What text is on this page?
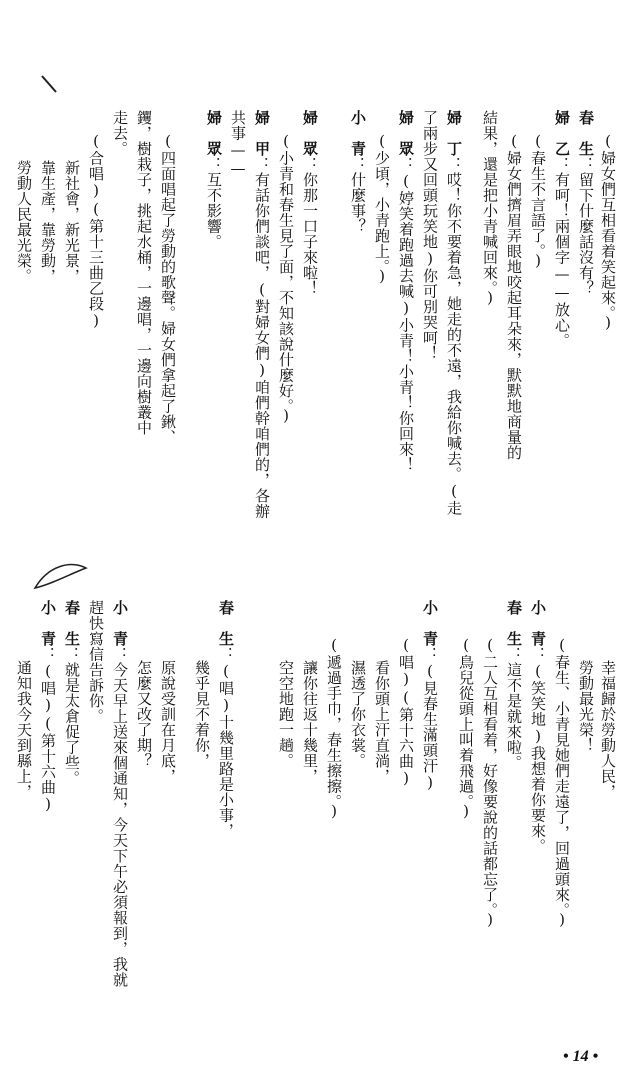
(婦女們互相看着笑起來。)
春　生：留下什麼話沒有？
婦　乙：有呵！兩個字——放心。
(春生不言語了。)
(婦女們擠眉弄眼地咬起耳朵來，默默地商量的
結果，還是把小青喊回來。)
婦　丁：哎！你不要着急，她走的不遠，我給你喊去。(走
了兩步又回頭玩笑地)你可別哭呵！
婦　眾：(婷笑着跑過去喊)小青！小青！你回來！
(少頃，小青跑上。)
小　青：什麼事？
婦　眾：你那一口子來啦！
(小青和春生見了面，不知該說什麼好。)
婦　甲：有話你們談吧，(對婦女們)咱們幹咱們的，各辦
共事——
婦　眾：互不影響。
(四面唱起了勞動的歌聲。婦女們拿起了鍬、
钁，樹栽子，挑起水桶，一邊唱，一邊向樹叢中
走去。
(合唱)(第十三曲乙段)
新社會，新光景，
靠生產，靠勞動，
勞動人民最光榮。
幸福歸於勞動人民，
勞動最光榮！
(春生、小青見她們走遠了，回過頭來。)
小　青：(笑笑地)我想着你要來。
春　生：這不是就來啦。
(二人互相看着，好像要說的話都忘了。)
(鳥兒從頭上叫着飛過。)
小　青：(見春生滿頭汗)
(唱)(第十六曲)
看你頭上汗直淌，
濕透了你衣裳。
(遞過手巾，春生擦擦。)
讓你往返十幾里，
空空地跑一趟。
春　生：(唱)十幾里路是小事，
幾乎見不着你，
原說受訓在月底，
怎麼又改了期？
小　青：今天早上送來個通知，今天下午必須報到，我就
趕快寫信告訴你。
春　生：就是太倉促了些。
小　青：(唱)(第十六曲)
通知我今天到縣上，
• 14 •
